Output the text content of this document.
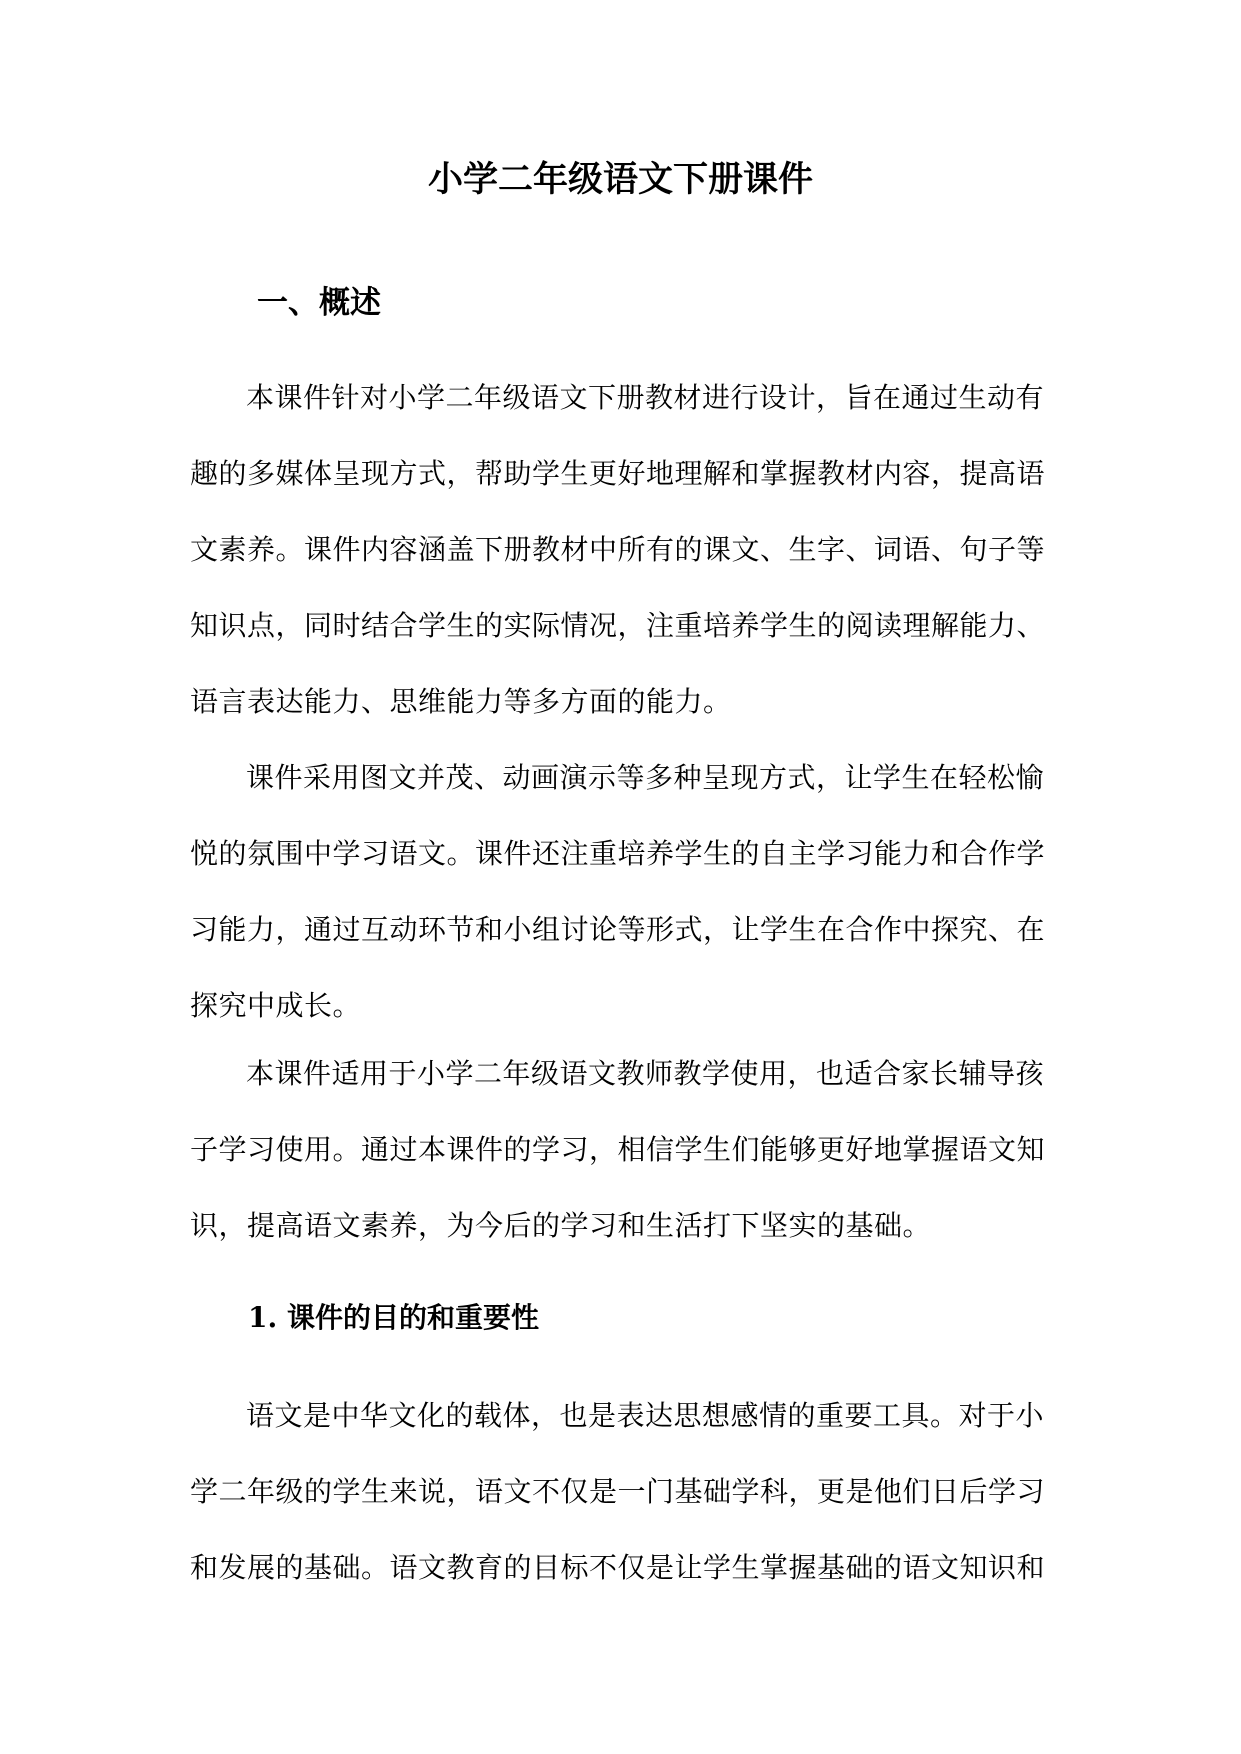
小学二年级语文下册课件
一、概述
本课件针对小学二年级语文下册教材进行设计，旨在通过生动有
趣的多媒体呈现方式，帮助学生更好地理解和掌握教材内容，提高语
文素养。课件内容涵盖下册教材中所有的课文、生字、词语、句子等
知识点，同时结合学生的实际情况，注重培养学生的阅读理解能力、
语言表达能力、思维能力等多方面的能力。
课件采用图文并茂、动画演示等多种呈现方式，让学生在轻松愉
悦的氛围中学习语文。课件还注重培养学生的自主学习能力和合作学
习能力，通过互动环节和小组讨论等形式，让学生在合作中探究、在
探究中成长。
本课件适用于小学二年级语文教师教学使用，也适合家长辅导孩
子学习使用。通过本课件的学习，相信学生们能够更好地掌握语文知
识，提高语文素养，为今后的学习和生活打下坚实的基础。
1. 课件的目的和重要性
语文是中华文化的载体，也是表达思想感情的重要工具。对于小
学二年级的学生来说，语文不仅是一门基础学科，更是他们日后学习
和发展的基础。语文教育的目标不仅是让学生掌握基础的语文知识和
